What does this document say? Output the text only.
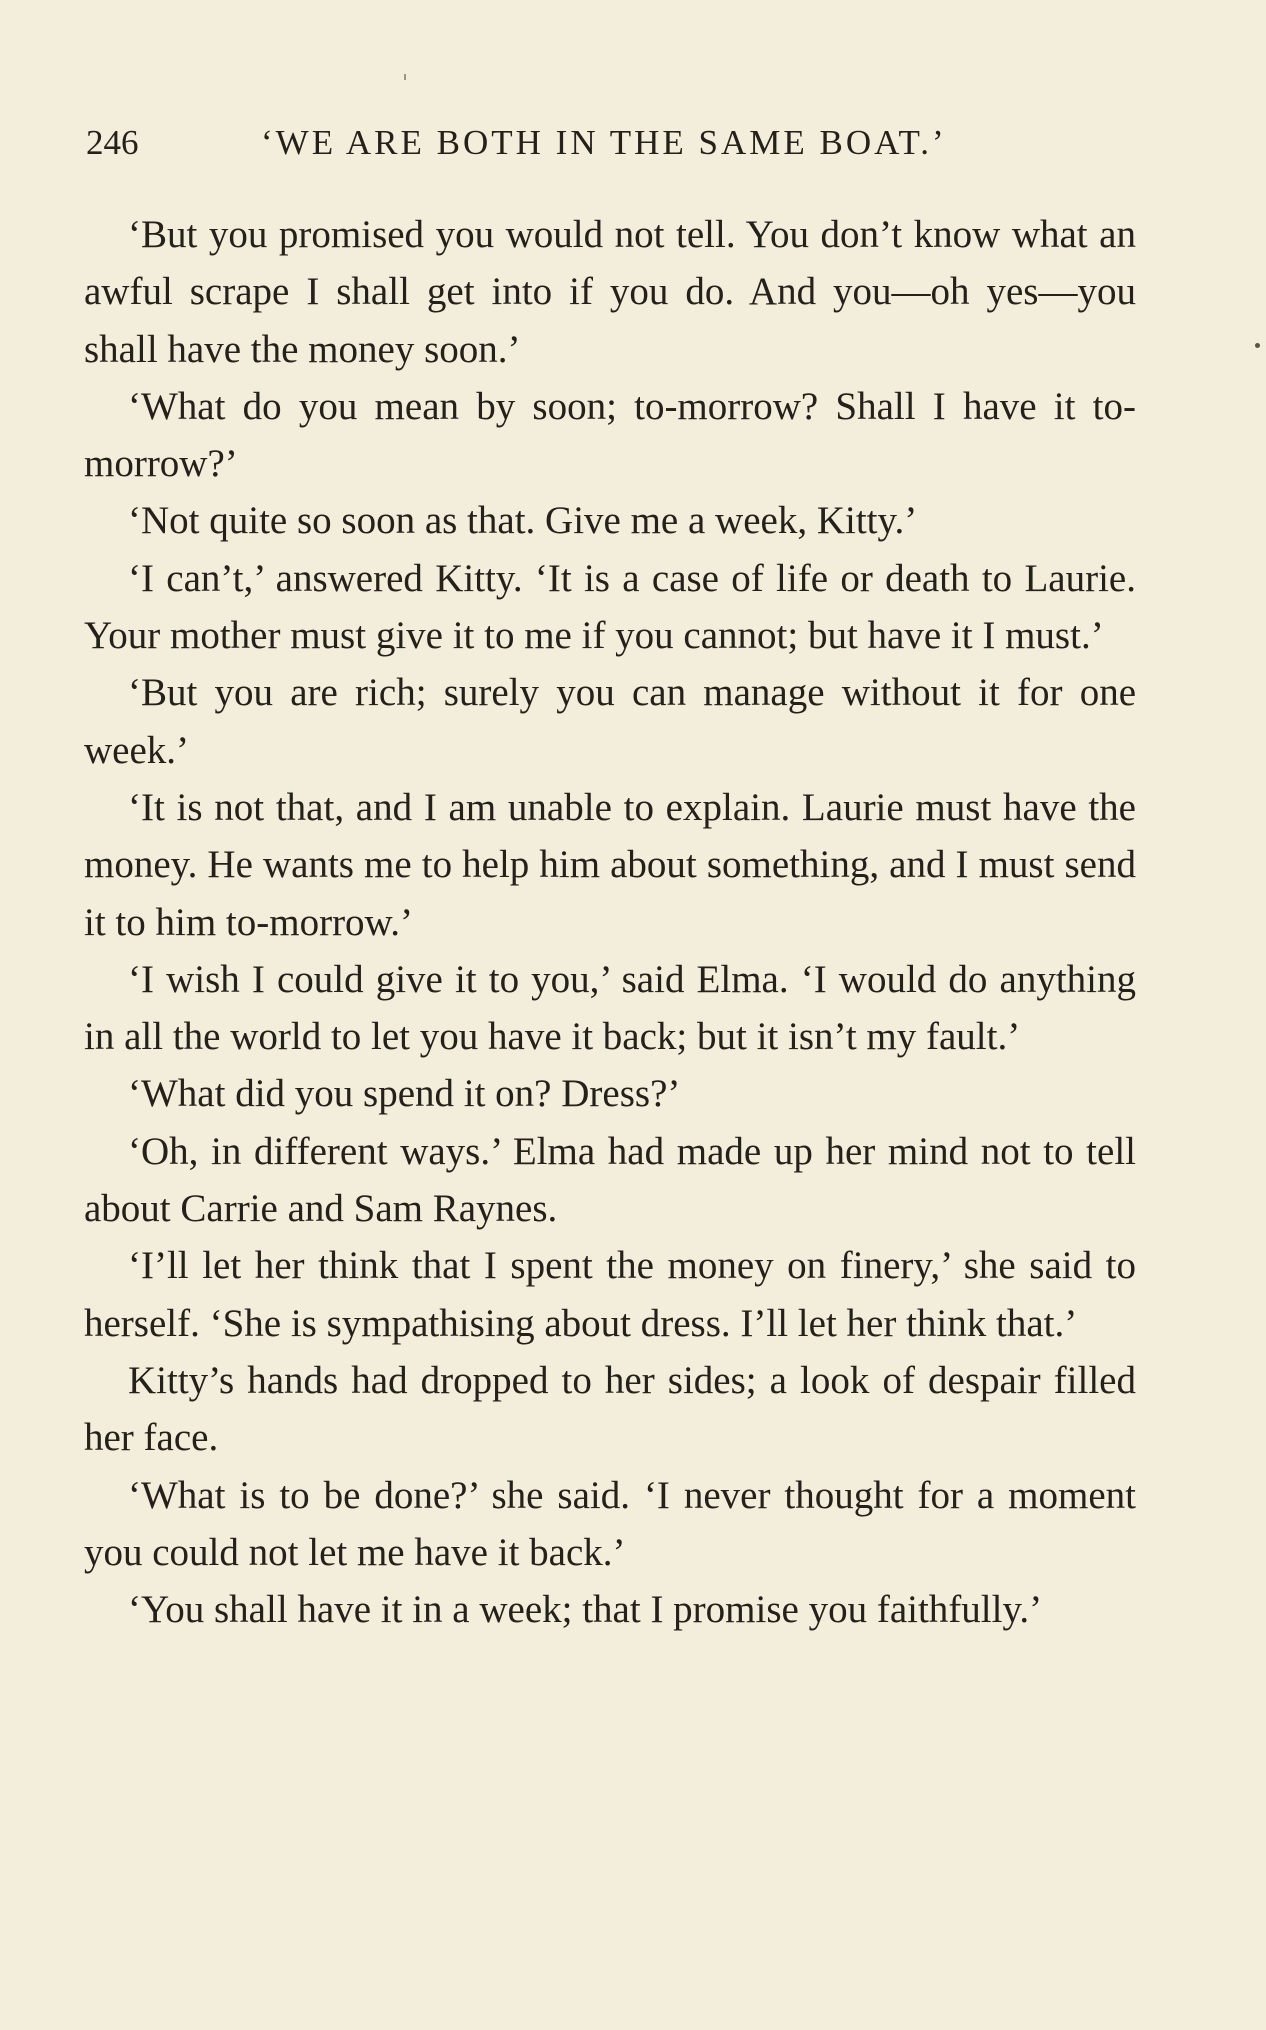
246	‘WE ARE BOTH IN THE SAME BOAT.’

‘But you promised you would not tell. You don’t know what an awful scrape I shall get into if you do. And you—oh yes—you shall have the money soon.’

‘What do you mean by soon; to-morrow? Shall I have it to-morrow?’

‘Not quite so soon as that. Give me a week, Kitty.’

‘I can’t,’ answered Kitty. ‘It is a case of life or death to Laurie. Your mother must give it to me if you cannot; but have it I must.’

‘But you are rich; surely you can manage without it for one week.’

‘It is not that, and I am unable to explain. Laurie must have the money. He wants me to help him about something, and I must send it to him to-morrow.’

‘I wish I could give it to you,’ said Elma. ‘I would do anything in all the world to let you have it back; but it isn’t my fault.’

‘What did you spend it on? Dress?’

‘Oh, in different ways.’ Elma had made up her mind not to tell about Carrie and Sam Raynes.

‘I’ll let her think that I spent the money on finery,’ she said to herself. ‘She is sympathising about dress. I’ll let her think that.’

Kitty’s hands had dropped to her sides; a look of despair filled her face.

‘What is to be done?’ she said. ‘I never thought for a moment you could not let me have it back.’

‘You shall have it in a week; that I promise you faithfully.’
